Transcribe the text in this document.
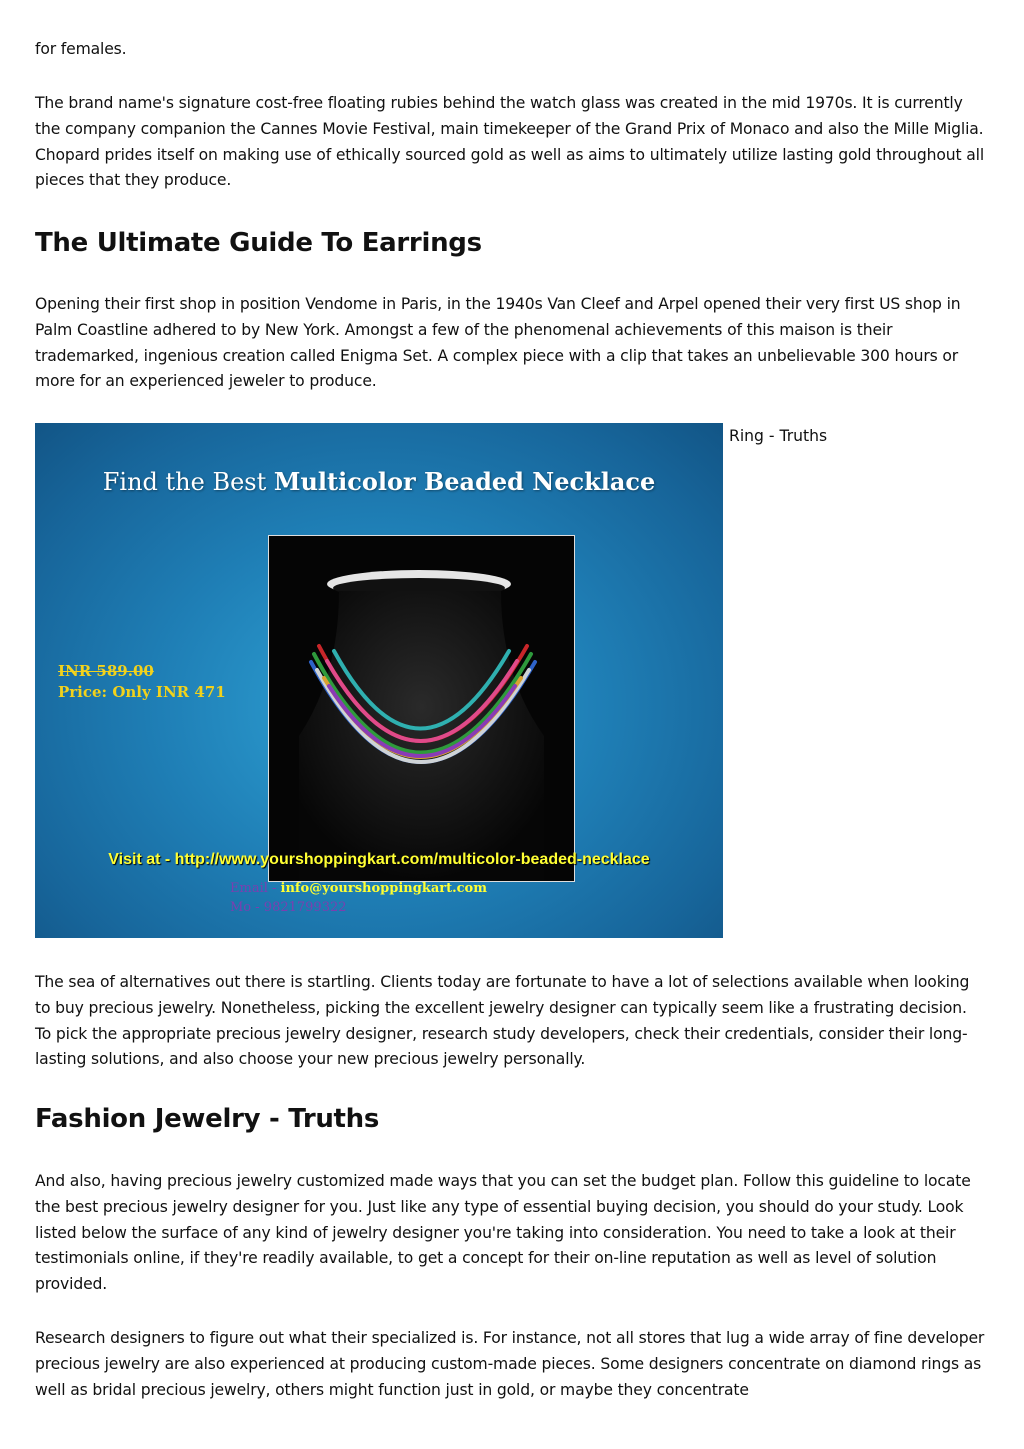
for females.

The brand name's signature cost-free floating rubies behind the watch glass was created in the mid 1970s. It is currently the company companion the Cannes Movie Festival, main timekeeper of the Grand Prix of Monaco and also the Mille Miglia. Chopard prides itself on making use of ethically sourced gold as well as aims to ultimately utilize lasting gold throughout all pieces that they produce.

The Ultimate Guide To Earrings

Opening their first shop in position Vendome in Paris, in the 1940s Van Cleef and Arpel opened their very first US shop in Palm Coastline adhered to by New York. Amongst a few of the phenomenal achievements of this maison is their trademarked, ingenious creation called Enigma Set. A complex piece with a clip that takes an unbelievable 300 hours or more for an experienced jeweler to produce.

Find the Best Multicolor Beaded Necklace
INR 589.00
Price: Only INR 471
Visit at - http://www.yourshoppingkart.com/multicolor-beaded-necklace
Email - info@yourshoppingkart.com
Mo - 9821799322
Ring - Truths

The sea of alternatives out there is startling. Clients today are fortunate to have a lot of selections available when looking to buy precious jewelry. Nonetheless, picking the excellent jewelry designer can typically seem like a frustrating decision. To pick the appropriate precious jewelry designer, research study developers, check their credentials, consider their long-lasting solutions, and also choose your new precious jewelry personally.

Fashion Jewelry - Truths

And also, having precious jewelry customized made ways that you can set the budget plan. Follow this guideline to locate the best precious jewelry designer for you. Just like any type of essential buying decision, you should do your study. Look listed below the surface of any kind of jewelry designer you're taking into consideration. You need to take a look at their testimonials online, if they're readily available, to get a concept for their on-line reputation as well as level of solution provided.

Research designers to figure out what their specialized is. For instance, not all stores that lug a wide array of fine developer precious jewelry are also experienced at producing custom-made pieces. Some designers concentrate on diamond rings as well as bridal precious jewelry, others might function just in gold, or maybe they concentrate
